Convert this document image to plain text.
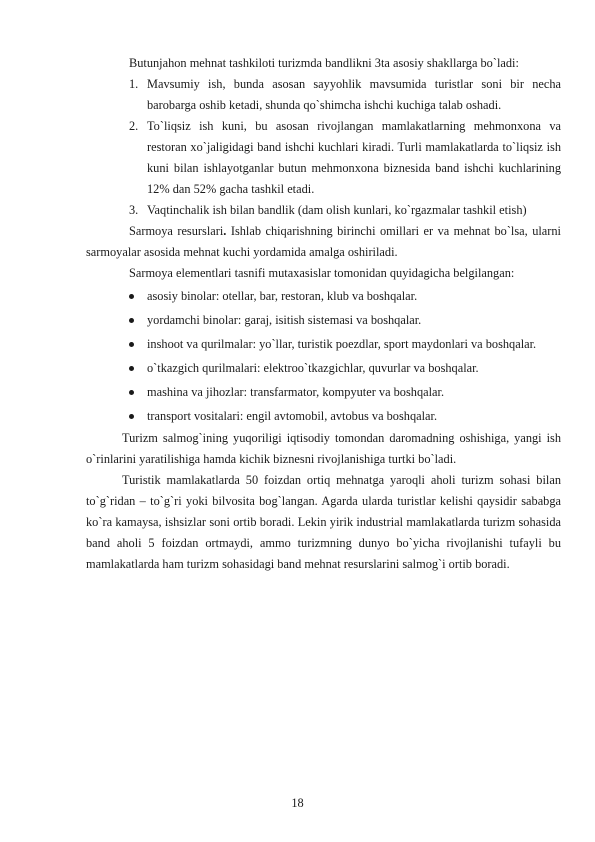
Butunjahon mehnat tashkiloti turizmda bandlikni 3ta asosiy shakllarga bo`ladi:

1. Mavsumiy ish, bunda asosan sayyohlik mavsumida turistlar soni bir necha barobarga oshib ketadi, shunda qo`shimcha ishchi kuchiga talab oshadi.
2. To`liqsiz ish kuni, bu asosan rivojlangan mamlakatlarning mehmonxona va restoran xo`jaligidagi band ishchi kuchlari kiradi. Turli mamlakatlarda to`liqsiz ish kuni bilan ishlayotganlar butun mehmonxona biznesida band ishchi kuchlarining 12% dan 52% gacha tashkil etadi.
3. Vaqtinchalik ish bilan bandlik (dam olish kunlari, ko`rgazmalar tashkil etish)

Sarmoya resurslari. Ishlab chiqarishning birinchi omillari er va mehnat bo`lsa, ularni sarmoyalar asosida mehnat kuchi yordamida amalga oshiriladi.

Sarmoya elementlari tasnifi mutaxasislar tomonidan quyidagicha belgilangan:

asosiy binolar: otellar, bar, restoran, klub va boshqalar.
yordamchi binolar: garaj, isitish sistemasi va boshqalar.
inshoot va qurilmalar: yo`llar, turistik poezdlar, sport maydonlari va boshqalar.
o`tkazgich qurilmalari: elektroo`tkazgichlar, quvurlar va boshqalar.
mashina va jihozlar: transfarmator, kompyuter va boshqalar.
transport vositalari: engil avtomobil, avtobus va boshqalar.

Turizm salmog`ining yuqoriligi iqtisodiy tomondan daromadning oshishiga, yangi ish o`rinlarini yaratilishiga hamda kichik biznesni rivojlanishiga turtki bo`ladi.

Turistik mamlakatlarda 50 foizdan ortiq mehnatga yaroqli aholi turizm sohasi bilan to`g`ridan – to`g`ri yoki bilvosita bog`langan. Agarda ularda turistlar kelishi qaysidir sababga ko`ra kamaysa, ishsizlar soni ortib boradi. Lekin yirik industrial mamlakatlarda turizm sohasida band aholi 5 foizdan ortmaydi, ammo turizmning dunyo bo`yicha rivojlanishi tufayli bu mamlakatlarda ham turizm sohasidagi band mehnat resurslarini salmog`i ortib boradi.

18
